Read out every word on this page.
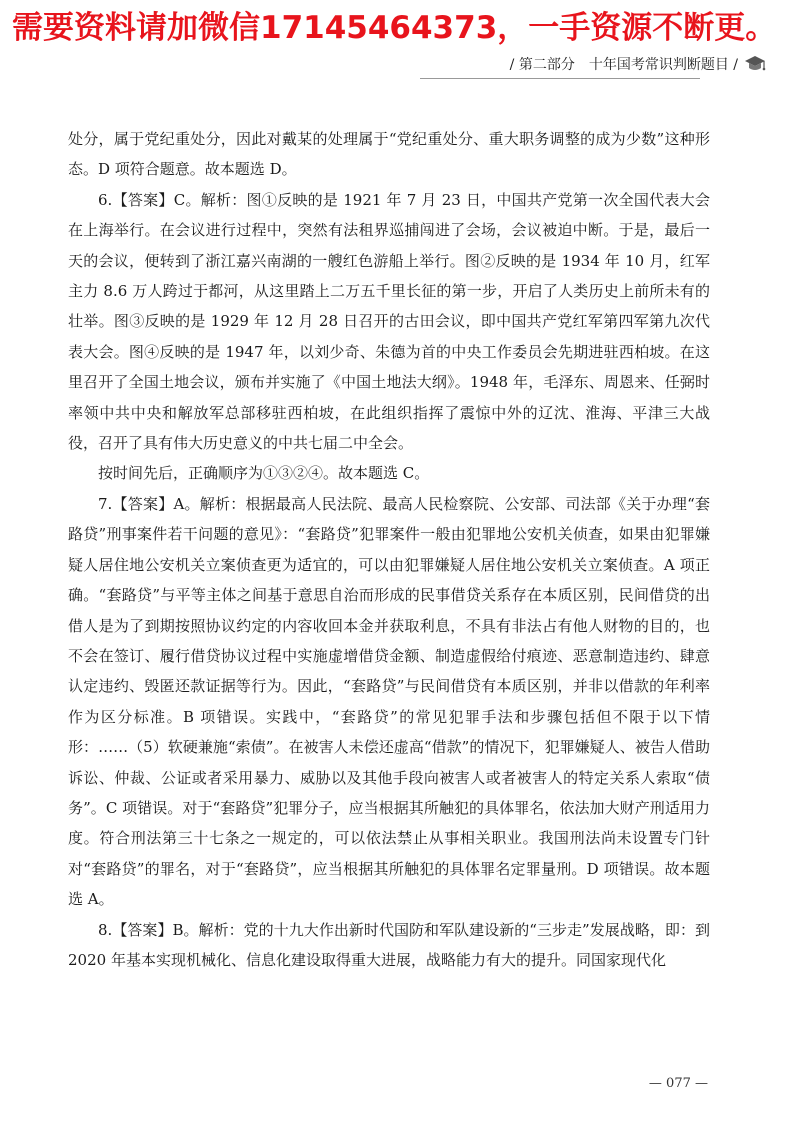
需要资料请加微信17145464373，一手资源不断更。
/ 第二部分　十年国考常识判断题目 /

处分，属于党纪重处分，因此对戴某的处理属于“党纪重处分、重大职务调整的成为少数”这种形态。D 项符合题意。故本题选 D。

6.【答案】C。解析：图①反映的是 1921 年 7 月 23 日，中国共产党第一次全国代表大会在上海举行。在会议进行过程中，突然有法租界巡捕闯进了会场，会议被迫中断。于是，最后一天的会议，便转到了浙江嘉兴南湖的一艘红色游船上举行。图②反映的是 1934 年 10 月，红军主力 8.6 万人跨过于都河，从这里踏上二万五千里长征的第一步，开启了人类历史上前所未有的壮举。图③反映的是 1929 年 12 月 28 日召开的古田会议，即中国共产党红军第四军第九次代表大会。图④反映的是 1947 年，以刘少奇、朱德为首的中央工作委员会先期进驻西柏坡。在这里召开了全国土地会议，颁布并实施了《中国土地法大纲》。1948 年，毛泽东、周恩来、任弼时率领中共中央和解放军总部移驻西柏坡，在此组织指挥了震惊中外的辽沈、淮海、平津三大战役，召开了具有伟大历史意义的中共七届二中全会。

按时间先后，正确顺序为①③②④。故本题选 C。

7.【答案】A。解析：根据最高人民法院、最高人民检察院、公安部、司法部《关于办理“套路贷”刑事案件若干问题的意见》：“套路贷”犯罪案件一般由犯罪地公安机关侦查，如果由犯罪嫌疑人居住地公安机关立案侦查更为适宜的，可以由犯罪嫌疑人居住地公安机关立案侦查。A 项正确。“套路贷”与平等主体之间基于意思自治而形成的民事借贷关系存在本质区别，民间借贷的出借人是为了到期按照协议约定的内容收回本金并获取利息，不具有非法占有他人财物的目的，也不会在签订、履行借贷协议过程中实施虚增借贷金额、制造虚假给付痕迹、恶意制造违约、肆意认定违约、毁匿还款证据等行为。因此，“套路贷”与民间借贷有本质区别，并非以借款的年利率作为区分标准。B 项错误。实践中，“套路贷”的常见犯罪手法和步骤包括但不限于以下情形：……（5）软硬兼施“索债”。在被害人未偿还虚高“借款”的情况下，犯罪嫌疑人、被告人借助诉讼、仲裁、公证或者采用暴力、威胁以及其他手段向被害人或者被害人的特定关系人索取“债务”。C 项错误。对于“套路贷”犯罪分子，应当根据其所触犯的具体罪名，依法加大财产刑适用力度。符合刑法第三十七条之一规定的，可以依法禁止从事相关职业。我国刑法尚未设置专门针对“套路贷”的罪名，对于“套路贷”，应当根据其所触犯的具体罪名定罪量刑。D 项错误。故本题选 A。

8.【答案】B。解析：党的十九大作出新时代国防和军队建设新的“三步走”发展战略，即：到 2020 年基本实现机械化、信息化建设取得重大进展，战略能力有大的提升。同国家现代化

— 077 —
